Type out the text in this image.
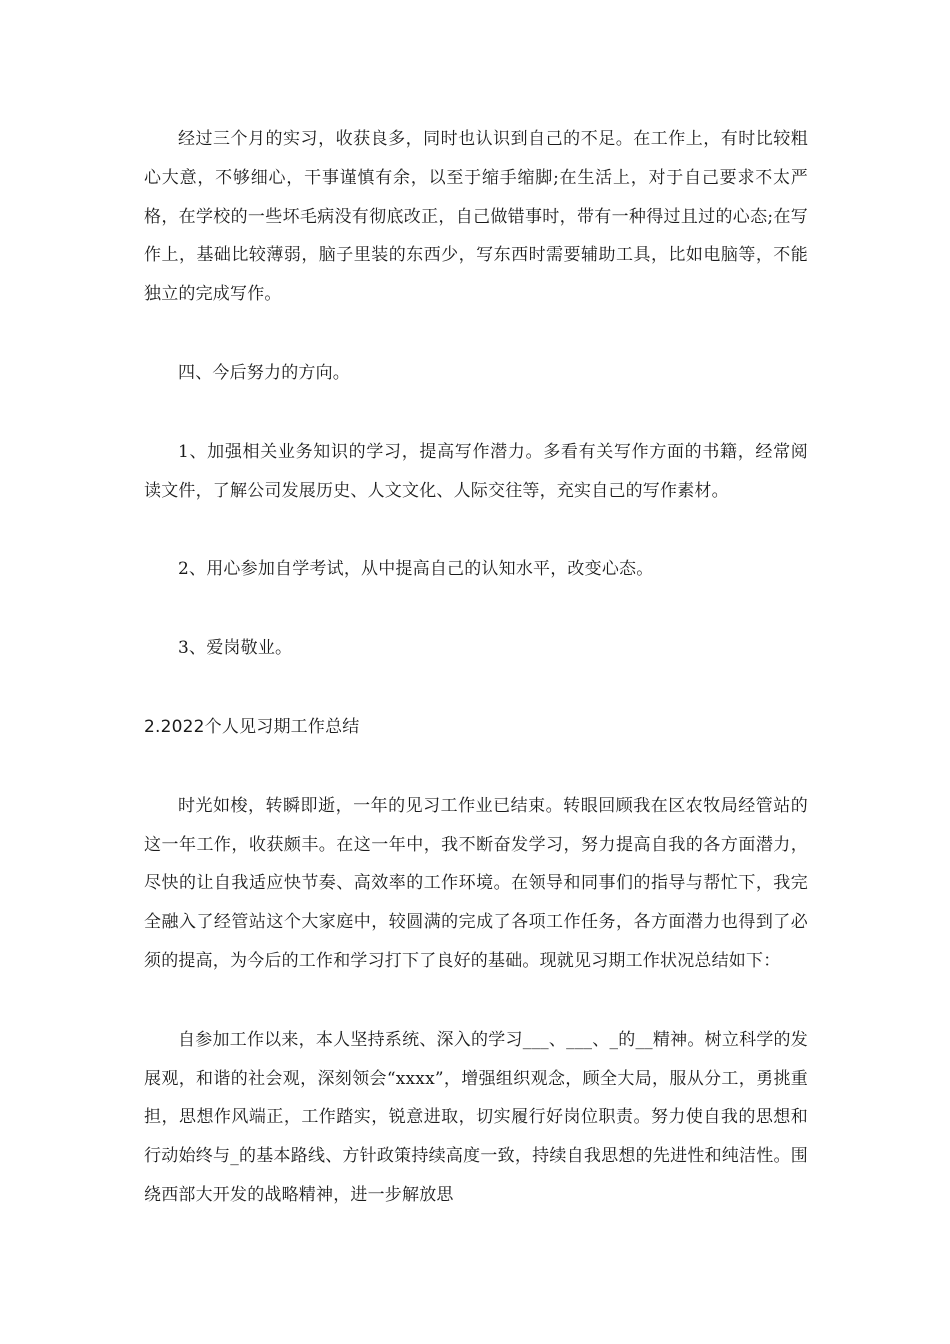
经过三个月的实习，收获良多，同时也认识到自己的不足。在工作上，有时比较粗心大意，不够细心，干事谨慎有余，以至于缩手缩脚;在生活上，对于自己要求不太严格，在学校的一些坏毛病没有彻底改正，自己做错事时，带有一种得过且过的心态;在写作上，基础比较薄弱，脑子里装的东西少，写东西时需要辅助工具，比如电脑等，不能独立的完成写作。

四、今后努力的方向。

1、加强相关业务知识的学习，提高写作潜力。多看有关写作方面的书籍，经常阅读文件，了解公司发展历史、人文文化、人际交往等，充实自己的写作素材。

2、用心参加自学考试，从中提高自己的认知水平，改变心态。

3、爱岗敬业。

2.2022个人见习期工作总结

时光如梭，转瞬即逝，一年的见习工作业已结束。转眼回顾我在区农牧局经管站的这一年工作，收获颇丰。在这一年中，我不断奋发学习，努力提高自我的各方面潜力，尽快的让自我适应快节奏、高效率的工作环境。在领导和同事们的指导与帮忙下，我完全融入了经管站这个大家庭中，较圆满的完成了各项工作任务，各方面潜力也得到了必须的提高，为今后的工作和学习打下了良好的基础。现就见习期工作状况总结如下：

自参加工作以来，本人坚持系统、深入的学习___、___、_的__精神。树立科学的发展观，和谐的社会观，深刻领会“xxxx”，增强组织观念，顾全大局，服从分工，勇挑重担，思想作风端正，工作踏实，锐意进取，切实履行好岗位职责。努力使自我的思想和行动始终与_的基本路线、方针政策持续高度一致，持续自我思想的先进性和纯洁性。围绕西部大开发的战略精神，进一步解放思
